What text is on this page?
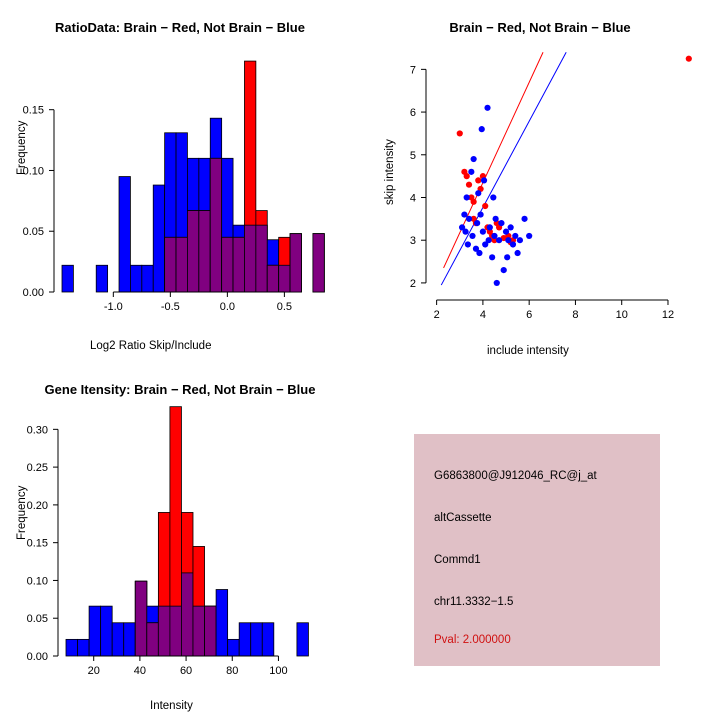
RatioData: Brain − Red, Not Brain − Blue
-1.0	-0.5	0.0	0.5
0.00
0.05
0.10
0.15
Log2 Ratio Skip/Include
Frequency
Brain − Red, Not Brain − Blue
2	4	6	8	10	12
2
3
4
5
6
7
include intensity
skip intensity
Gene Itensity: Brain − Red, Not Brain − Blue
20	40	60	80	100
0.00
0.05
0.10
0.15
0.20
0.25
0.30
Intensity
Frequency
G6863800@J912046_RC@j_at
altCassette
Commd1
chr11.3332−1.5
Pval: 2.000000
